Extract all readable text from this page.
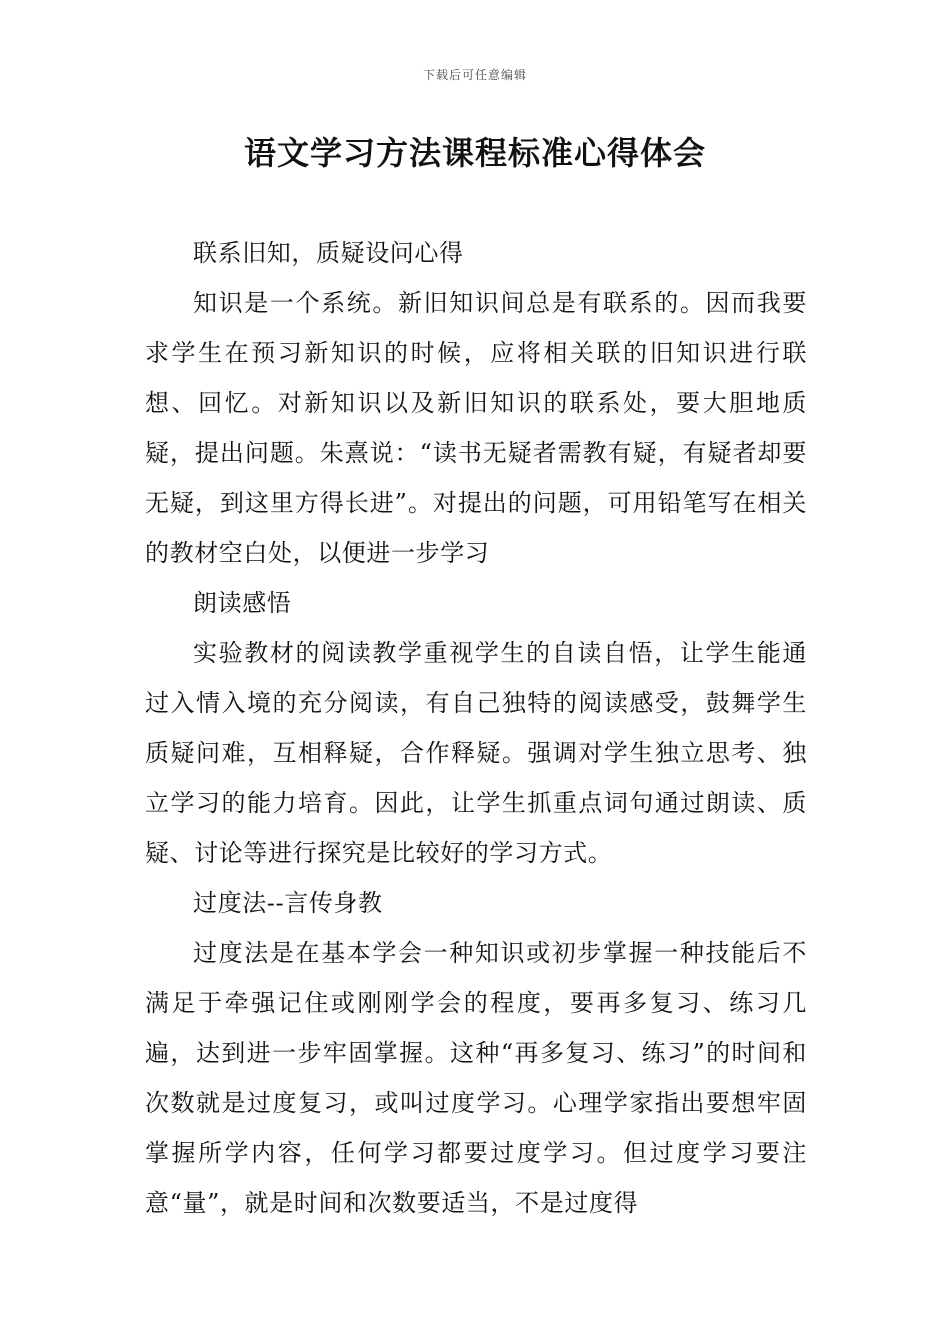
下载后可任意编辑
语文学习方法课程标准心得体会

联系旧知，质疑设问心得

知识是一个系统。新旧知识间总是有联系的。因而我要求学生在预习新知识的时候，应将相关联的旧知识进行联想、回忆。对新知识以及新旧知识的联系处，要大胆地质疑，提出问题。朱熹说：“读书无疑者需教有疑，有疑者却要无疑，到这里方得长进”。对提出的问题，可用铅笔写在相关的教材空白处，以便进一步学习

朗读感悟

实验教材的阅读教学重视学生的自读自悟，让学生能通过入情入境的充分阅读，有自己独特的阅读感受，鼓舞学生质疑问难，互相释疑，合作释疑。强调对学生独立思考、独立学习的能力培育。因此，让学生抓重点词句通过朗读、质疑、讨论等进行探究是比较好的学习方式。

过度法--言传身教

过度法是在基本学会一种知识或初步掌握一种技能后不满足于牵强记住或刚刚学会的程度，要再多复习、练习几遍，达到进一步牢固掌握。这种“再多复习、练习”的时间和次数就是过度复习，或叫过度学习。心理学家指出要想牢固掌握所学内容，任何学习都要过度学习。但过度学习要注意“量”，就是时间和次数要适当，不是过度得
